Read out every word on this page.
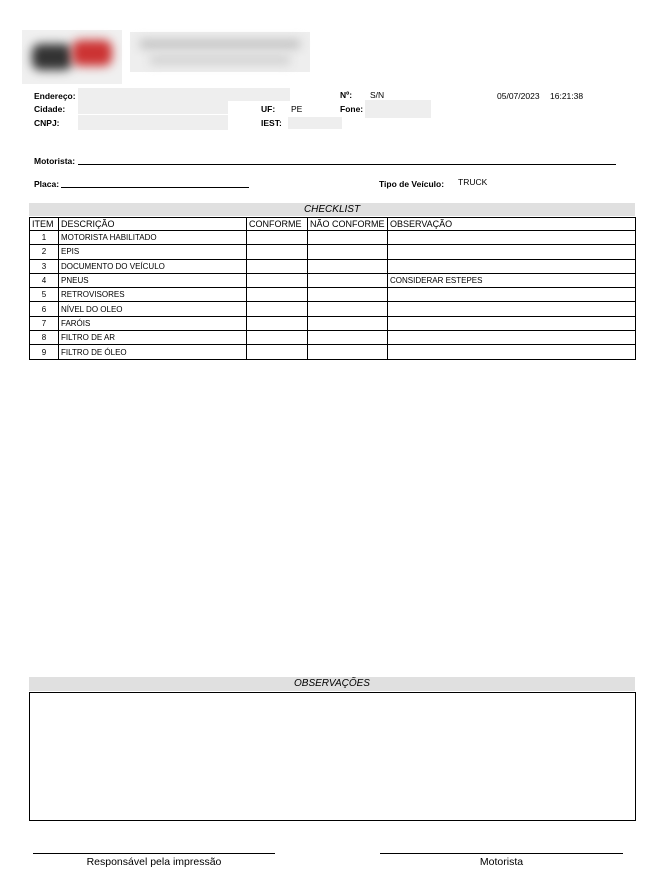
Endereço:
Cidade:
CNPJ:
Nº: S/N
UF: PE	Fone:
IEST:
05/07/2023 16:21:38
Motorista:
Placa:	Tipo de Veículo: TRUCK
CHECKLIST
ITEM	DESCRIÇÃO	CONFORME	NÃO CONFORME	OBSERVAÇÃO
1	MOTORISTA HABILITADO			
2	EPIS			
3	DOCUMENTO DO VEÍCULO			
4	PNEUS			CONSIDERAR ESTEPES
5	RETROVISORES			
6	NÍVEL DO OLEO			
7	FARÓIS			
8	FILTRO DE AR			
9	FILTRO DE ÓLEO			
OBSERVAÇÕES
Responsável pela impressão	Motorista
